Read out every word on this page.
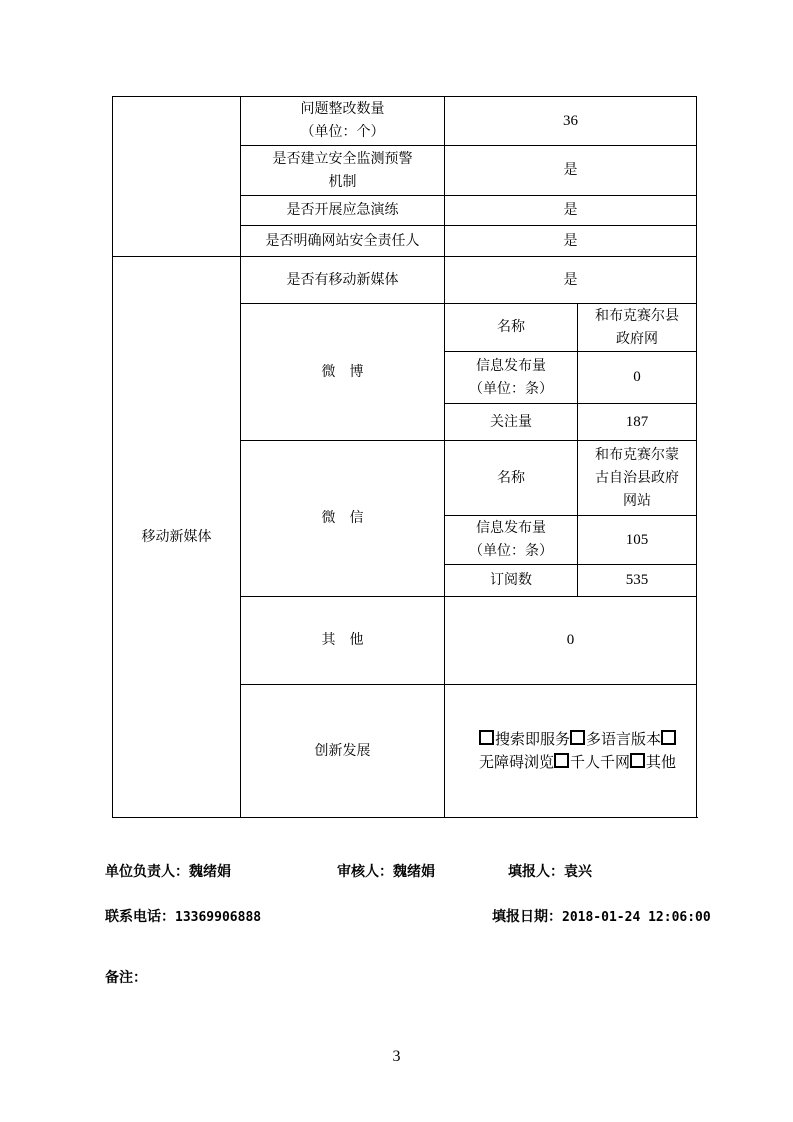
	问题整改数量
（单位：个）	36	
	是否建立安全监测预警
机制	是	
	是否开展应急演练	是	
	是否明确网站安全责任人	是	
移动新媒体	是否有移动新媒体	是	
	微　博	名称	和布克赛尔县
政府网
		信息发布量
（单位：条）	0
		关注量	187
	微　信	名称	和布克赛尔蒙
古自治县政府
网站
		信息发布量
（单位：条）	105
		订阅数	535
	其　他	0	
	创新发展	搜索即服务 多语言版本无障碍浏览 千人千网 其他	
单位负责人：魏绪娟	审核人：魏绪娟	填报人：袁兴
联系电话：13369906888	填报日期：2018-01-24 12:06:00
备注：
3
